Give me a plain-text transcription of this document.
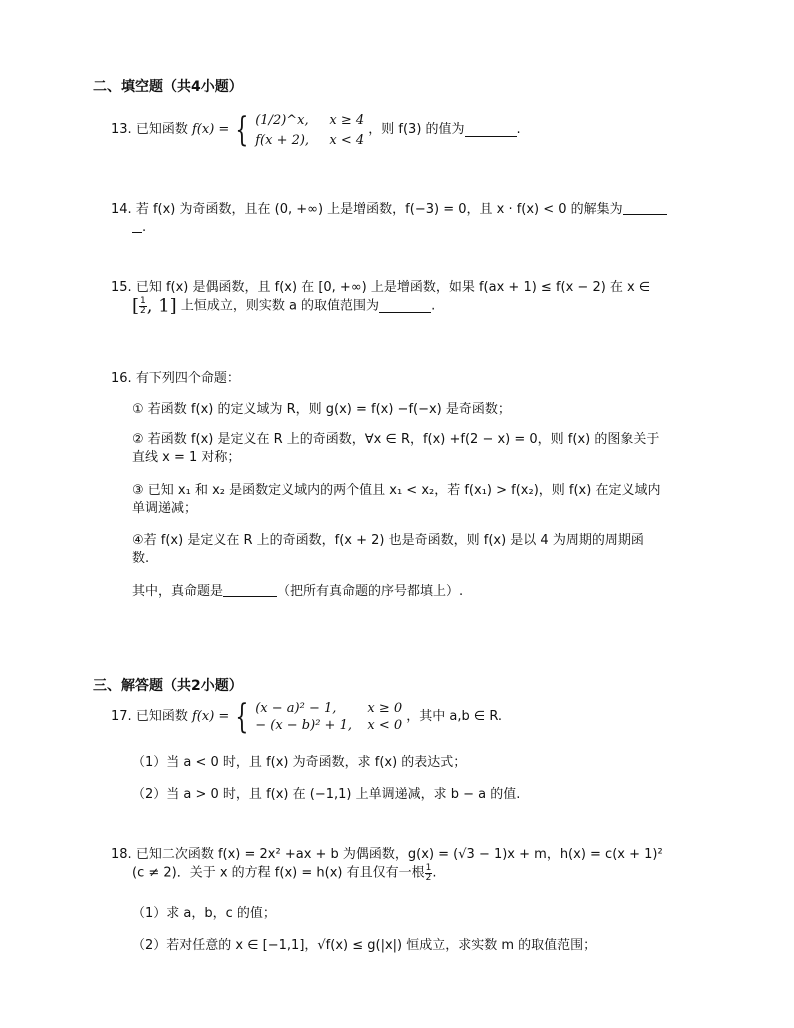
二、填空题（共4小题）
13. 已知函数 f(x) = { (1/2)^x, x ≥ 4
f(x + 2), x < 4
，则 f(3) 的值为	.
14. 若 f(x) 为奇函数，且在 (0, +∞) 上是增函数，f(−3) = 0，且 x · f(x) < 0 的解集为
.
15. 已知 f(x) 是偶函数，且 f(x) 在 [0, +∞) 上是增函数，如果 f(ax + 1) ≤ f(x − 2) 在 x ∈
[ $\frac{1}{2}$ , 1] 上恒成立，则实数 a 的取值范围为	.
16. 有下列四个命题：
① 若函数 f(x) 的定义域为 R，则 g(x) = f(x) −f(−x) 是奇函数；
② 若函数 f(x) 是定义在 R 上的奇函数，∀x ∈ R，f(x) +f(2 − x) = 0，则 f(x) 的图象关于
直线 x = 1 对称；
③ 已知 x₁ 和 x₂ 是函数定义域内的两个值且 x₁ < x₂，若 f(x₁) > f(x₂)，则 f(x) 在定义域内
单调递减；
④若 f(x) 是定义在 R 上的奇函数，f(x + 2) 也是奇函数，则 f(x) 是以 4 为周期的周期函
数.
其中，真命题是	（把所有真命题的序号都填上）.
三、解答题（共2小题）
17. 已知函数 f(x) = { (x − a)² − 1, x ≥ 0
− (x − b)² + 1, x < 0
，其中 a,b ∈ R.
（1）当 a < 0 时，且 f(x) 为奇函数，求 f(x) 的表达式；
（2）当 a > 0 时，且 f(x) 在 (−1,1) 上单调递减，求 b − a 的值.
18. 已知二次函数 f(x) = 2x² +ax + b 为偶函数，g(x) = (√3 − 1)x + m，h(x) = c(x + 1)²
(c ≠ 2)．关于 x 的方程 f(x) = h(x) 有且仅有一根 $\frac{1}{2}$ .
（1）求 a，b，c 的值；
（2）若对任意的 x ∈ [−1,1]，√f(x) ≤ g(|x|) 恒成立，求实数 m 的取值范围；
